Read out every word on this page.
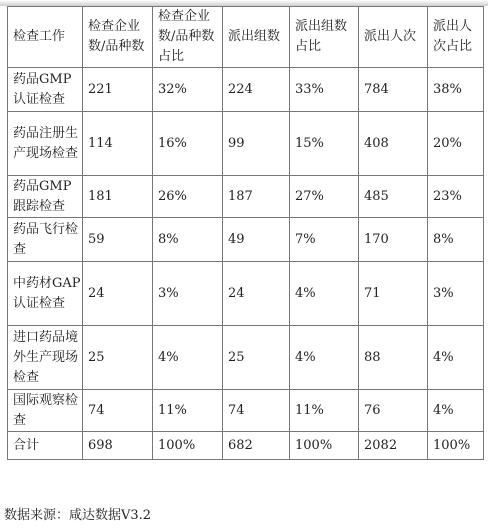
检查工作	检查企业数/品种数	检查企业数/品种数占比	派出组数	派出组数占比	派出人次	派出人次占比
药品GMP认证检查	221	32%	224	33%	784	38%
药品注册生产现场检查	114	16%	99	15%	408	20%
药品GMP跟踪检查	181	26%	187	27%	485	23%
药品飞行检查	59	8%	49	7%	170	8%
中药材GAP认证检查	24	3%	24	4%	71	3%
进口药品境外生产现场检查	25	4%	25	4%	88	4%
国际观察检查	74	11%	74	11%	76	4%
合计	698	100%	682	100%	2082	100%
数据来源：咸达数据V3.2
